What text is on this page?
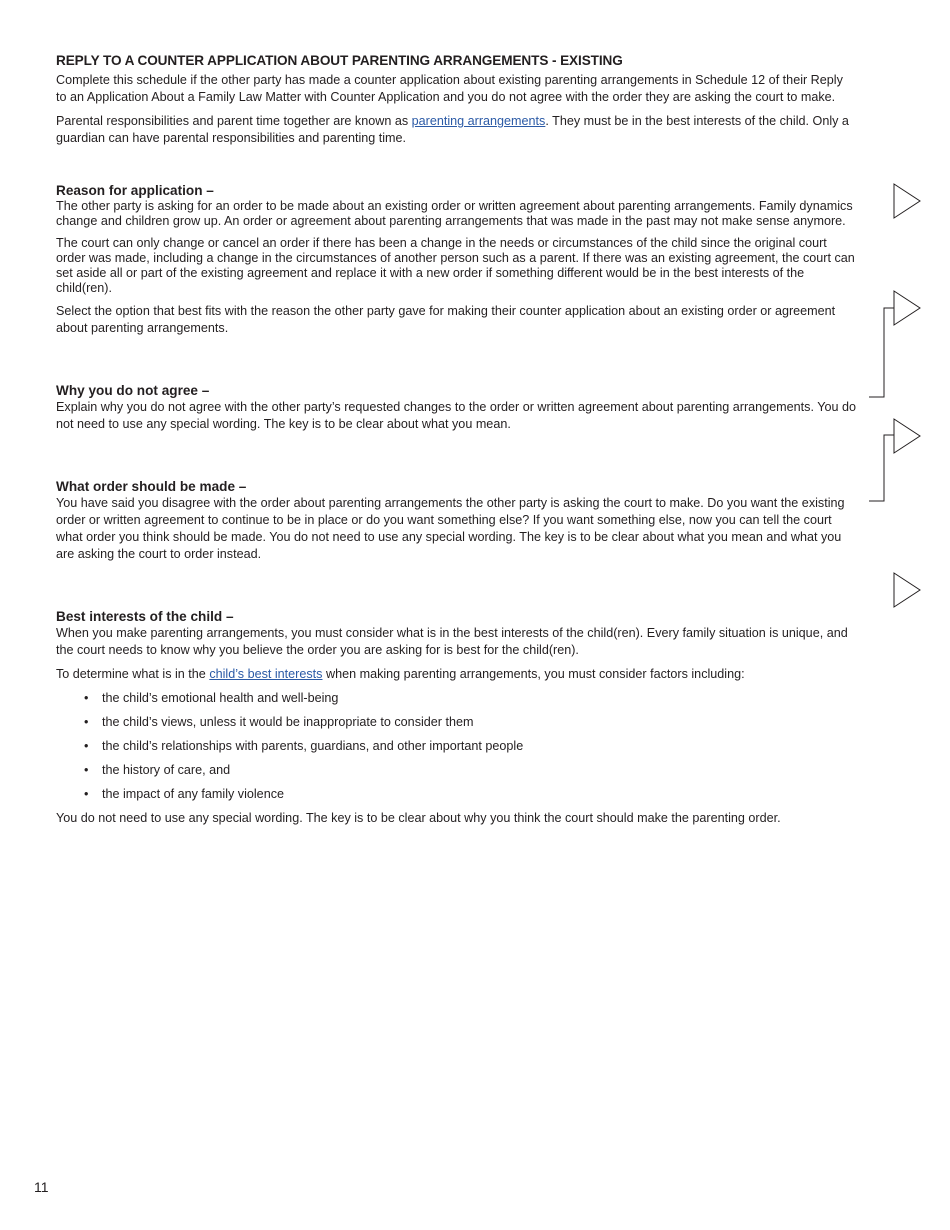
REPLY TO A COUNTER APPLICATION ABOUT PARENTING ARRANGEMENTS - EXISTING

Complete this schedule if the other party has made a counter application about existing parenting arrangements in Schedule 12 of their Reply to an Application About a Family Law Matter with Counter Application and you do not agree with the order they are asking the court to make.

Parental responsibilities and parent time together are known as parenting arrangements. They must be in the best interests of the child. Only a guardian can have parental responsibilities and parenting time.

Reason for application –

The other party is asking for an order to be made about an existing order or written agreement about parenting arrangements. Family dynamics change and children grow up. An order or agreement about parenting arrangements that was made in the past may not make sense anymore.

The court can only change or cancel an order if there has been a change in the needs or circumstances of the child since the original court order was made, including a change in the circumstances of another person such as a parent. If there was an existing agreement, the court can set aside all or part of the existing agreement and replace it with a new order if something different would be in the best interests of the child(ren).

Select the option that best fits with the reason the other party gave for making their counter application about an existing order or agreement about parenting arrangements.

Why you do not agree –

Explain why you do not agree with the other party’s requested changes to the order or written agreement about parenting arrangements. You do not need to use any special wording. The key is to be clear about what you mean.

What order should be made –

You have said you disagree with the order about parenting arrangements the other party is asking the court to make. Do you want the existing order or written agreement to continue to be in place or do you want something else? If you want something else, now you can tell the court what order you think should be made. You do not need to use any special wording. The key is to be clear about what you mean and what you are asking the court to order instead.

Best interests of the child –

When you make parenting arrangements, you must consider what is in the best interests of the child(ren). Every family situation is unique, and the court needs to know why you believe the order you are asking for is best for the child(ren).

To determine what is in the child’s best interests when making parenting arrangements, you must consider factors including:

• the child’s emotional health and well-being
• the child’s views, unless it would be inappropriate to consider them
• the child’s relationships with parents, guardians, and other important people
• the history of care, and
• the impact of any family violence

You do not need to use any special wording. The key is to be clear about why you think the court should make the parenting order.

11
